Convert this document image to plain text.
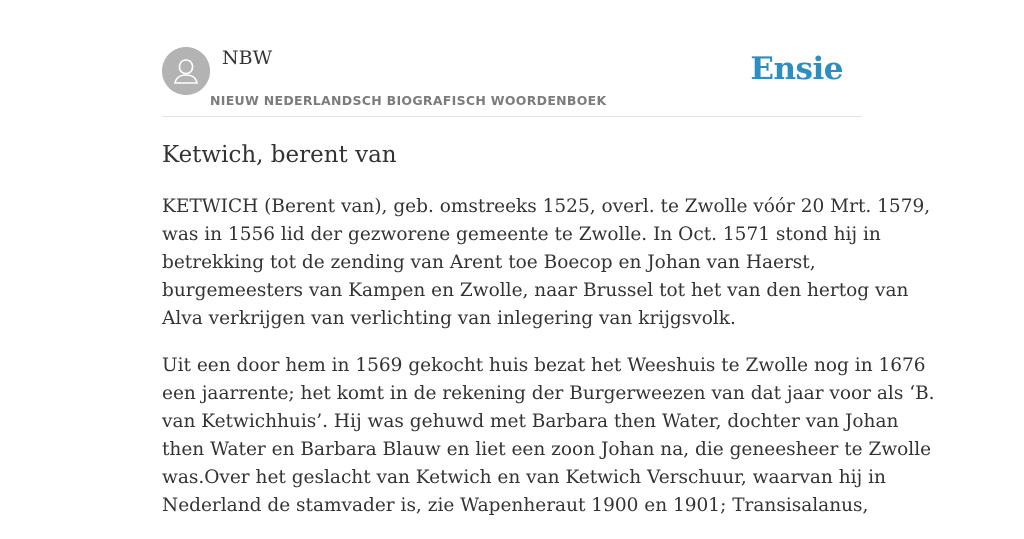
NBW
NIEUW NEDERLANDSCH BIOGRAFISCH WOORDENBOEK
Ensie
Ketwich, berent van

KETWICH (Berent van), geb. omstreeks 1525, overl. te Zwolle vóór 20 Mrt. 1579,
was in 1556 lid der gezworene gemeente te Zwolle. In Oct. 1571 stond hij in
betrekking tot de zending van Arent toe Boecop en Johan van Haerst,
burgemeesters van Kampen en Zwolle, naar Brussel tot het van den hertog van
Alva verkrijgen van verlichting van inlegering van krijgsvolk.

Uit een door hem in 1569 gekocht huis bezat het Weeshuis te Zwolle nog in 1676
een jaarrente; het komt in de rekening der Burgerweezen van dat jaar voor als ‘B.
van Ketwichhuis’. Hij was gehuwd met Barbara then Water, dochter van Johan
then Water en Barbara Blauw en liet een zoon Johan na, die geneesheer te Zwolle
was.Over het geslacht van Ketwich en van Ketwich Verschuur, waarvan hij in
Nederland de stamvader is, zie Wapenheraut 1900 en 1901; Transisalanus,
